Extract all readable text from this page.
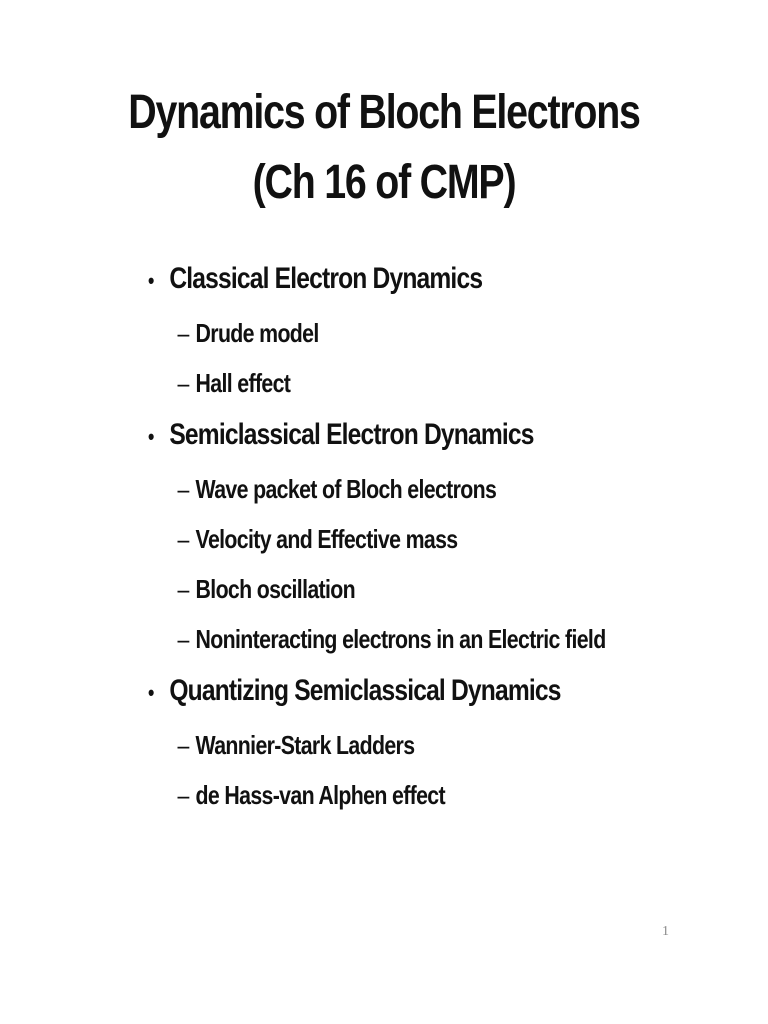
Dynamics of Bloch Electrons
(Ch 16 of CMP)
• Classical Electron Dynamics
– Drude model
– Hall effect
• Semiclassical Electron Dynamics
– Wave packet of Bloch electrons
– Velocity and Effective mass
– Bloch oscillation
– Noninteracting electrons in an Electric field
• Quantizing Semiclassical Dynamics
– Wannier-Stark Ladders
– de Hass-van Alphen effect
1
